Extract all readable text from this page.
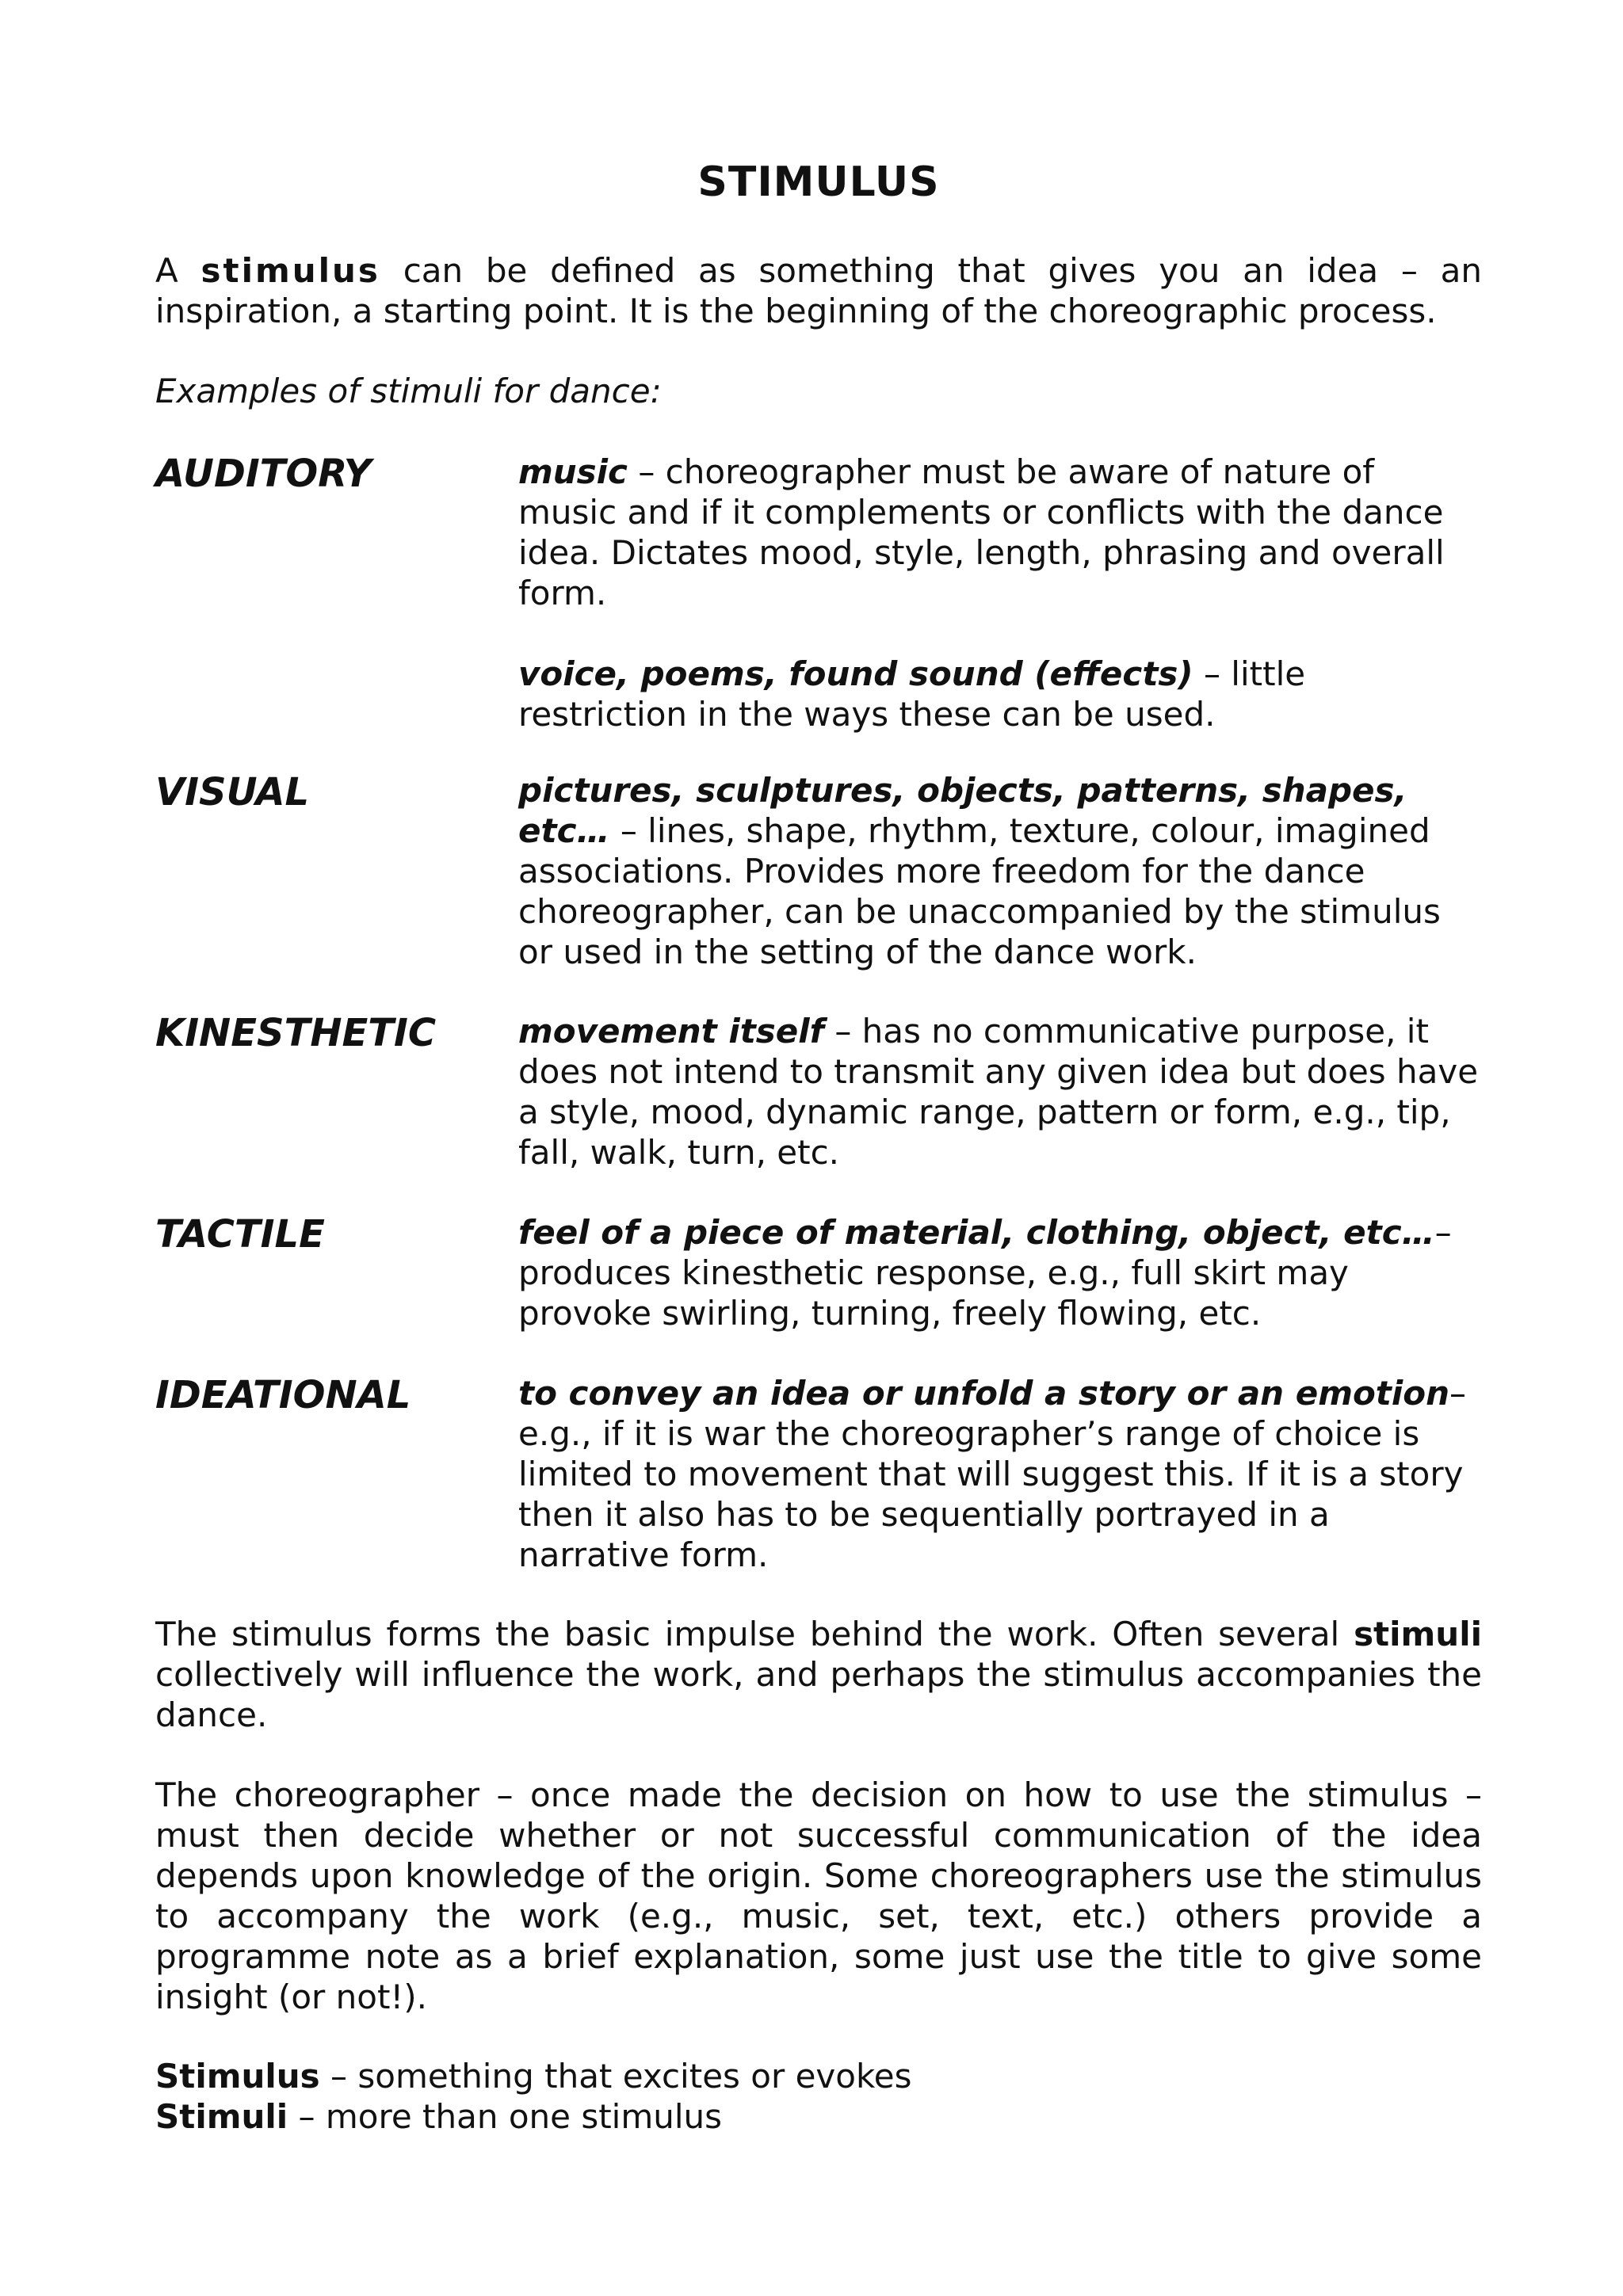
STIMULUS
A stimulus can be defined as something that gives you an idea – an inspiration, a starting point. It is the beginning of the choreographic process.
Examples of stimuli for dance:
AUDITORY	music – choreographer must be aware of nature of music and if it complements or conflicts with the dance idea. Dictates mood, style, length, phrasing and overall form.

voice, poems, found sound (effects) – little restriction in the ways these can be used.

VISUAL	pictures, sculptures, objects, patterns, shapes, etc… – lines, shape, rhythm, texture, colour, imagined associations. Provides more freedom for the dance choreographer, can be unaccompanied by the stimulus or used in the setting of the dance work.

KINESTHETIC	movement itself – has no communicative purpose, it does not intend to transmit any given idea but does have a style, mood, dynamic range, pattern or form, e.g., tip, fall, walk, turn, etc.

TACTILE	feel of a piece of material, clothing, object, etc…– produces kinesthetic response, e.g., full skirt may provoke swirling, turning, freely flowing, etc.

IDEATIONAL	to convey an idea or unfold a story or an emotion– e.g., if it is war the choreographer’s range of choice is limited to movement that will suggest this. If it is a story then it also has to be sequentially portrayed in a narrative form.

The stimulus forms the basic impulse behind the work. Often several stimuli collectively will influence the work, and perhaps the stimulus accompanies the dance.
The choreographer – once made the decision on how to use the stimulus – must then decide whether or not successful communication of the idea depends upon knowledge of the origin. Some choreographers use the stimulus to accompany the work (e.g., music, set, text, etc.) others provide a programme note as a brief explanation, some just use the title to give some insight (or not!).
Stimulus – something that excites or evokes
Stimuli – more than one stimulus
